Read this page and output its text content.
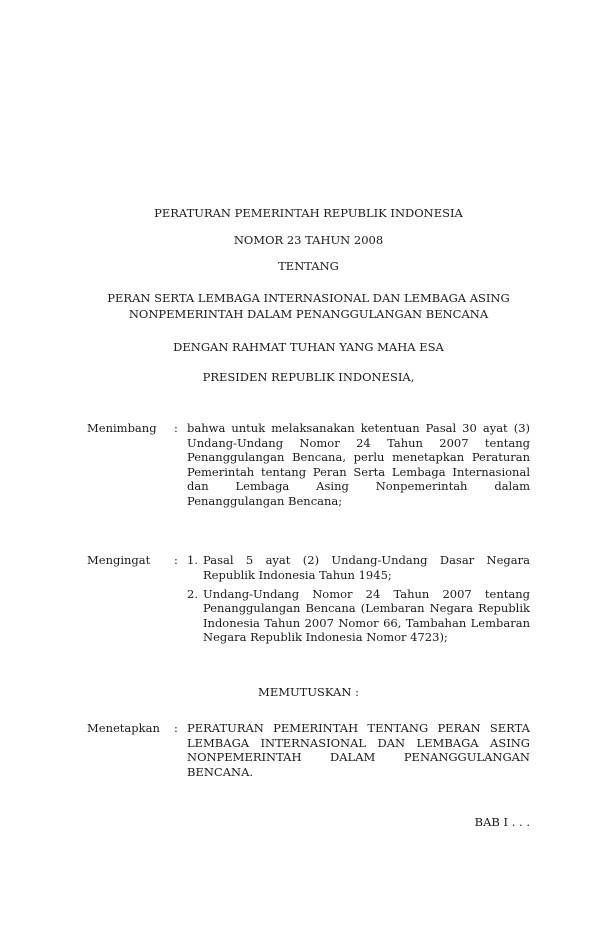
PERATURAN PEMERINTAH REPUBLIK INDONESIA
NOMOR 23 TAHUN 2008
TENTANG
PERAN SERTA LEMBAGA INTERNASIONAL DAN LEMBAGA ASING NONPEMERINTAH DALAM PENANGGULANGAN BENCANA
DENGAN RAHMAT TUHAN YANG MAHA ESA
PRESIDEN REPUBLIK INDONESIA,
Menimbang	: bahwa untuk melaksanakan ketentuan Pasal 30 ayat (3) Undang-Undang Nomor 24 Tahun 2007 tentang Penanggulangan Bencana, perlu menetapkan Peraturan Pemerintah tentang Peran Serta Lembaga Internasional dan Lembaga Asing Nonpemerintah dalam Penanggulangan Bencana;
Mengingat	: 1. Pasal 5 ayat (2) Undang-Undang Dasar Negara Republik Indonesia Tahun 1945;
2. Undang-Undang Nomor 24 Tahun 2007 tentang Penanggulangan Bencana (Lembaran Negara Republik Indonesia Tahun 2007 Nomor 66, Tambahan Lembaran Negara Republik Indonesia Nomor 4723);
MEMUTUSKAN :
Menetapkan	: PERATURAN PEMERINTAH TENTANG PERAN SERTA LEMBAGA INTERNASIONAL DAN LEMBAGA ASING NONPEMERINTAH DALAM PENANGGULANGAN BENCANA.
BAB I . . .
